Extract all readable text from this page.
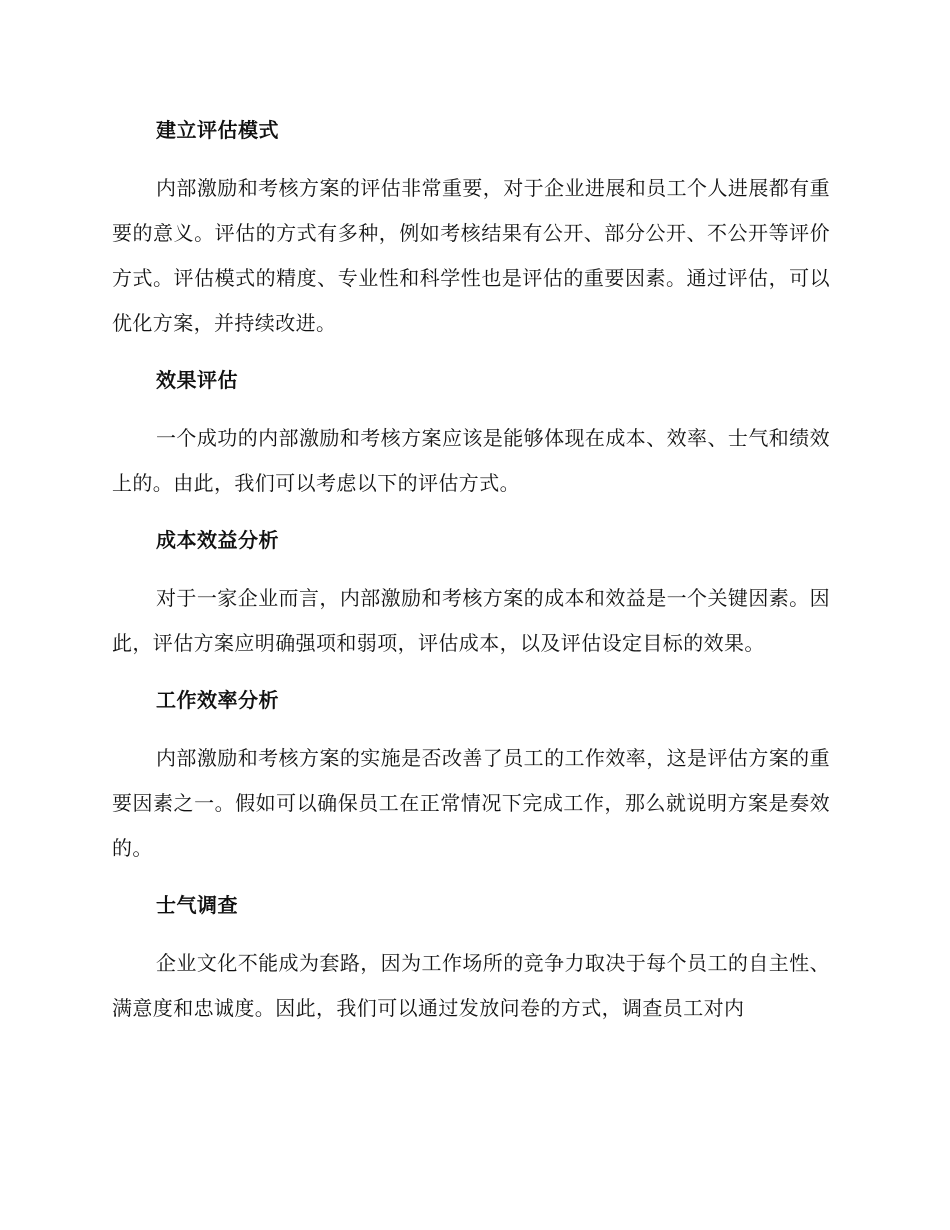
建立评估模式

内部激励和考核方案的评估非常重要，对于企业进展和员工个人进展都有重要的意义。评估的方式有多种，例如考核结果有公开、部分公开、不公开等评价方式。评估模式的精度、专业性和科学性也是评估的重要因素。通过评估，可以优化方案，并持续改进。

效果评估

一个成功的内部激励和考核方案应该是能够体现在成本、效率、士气和绩效上的。由此，我们可以考虑以下的评估方式。

成本效益分析

对于一家企业而言，内部激励和考核方案的成本和效益是一个关键因素。因此，评估方案应明确强项和弱项，评估成本，以及评估设定目标的效果。

工作效率分析

内部激励和考核方案的实施是否改善了员工的工作效率，这是评估方案的重要因素之一。假如可以确保员工在正常情况下完成工作，那么就说明方案是奏效的。

士气调查

企业文化不能成为套路，因为工作场所的竞争力取决于每个员工的自主性、满意度和忠诚度。因此，我们可以通过发放问卷的方式，调查员工对内
